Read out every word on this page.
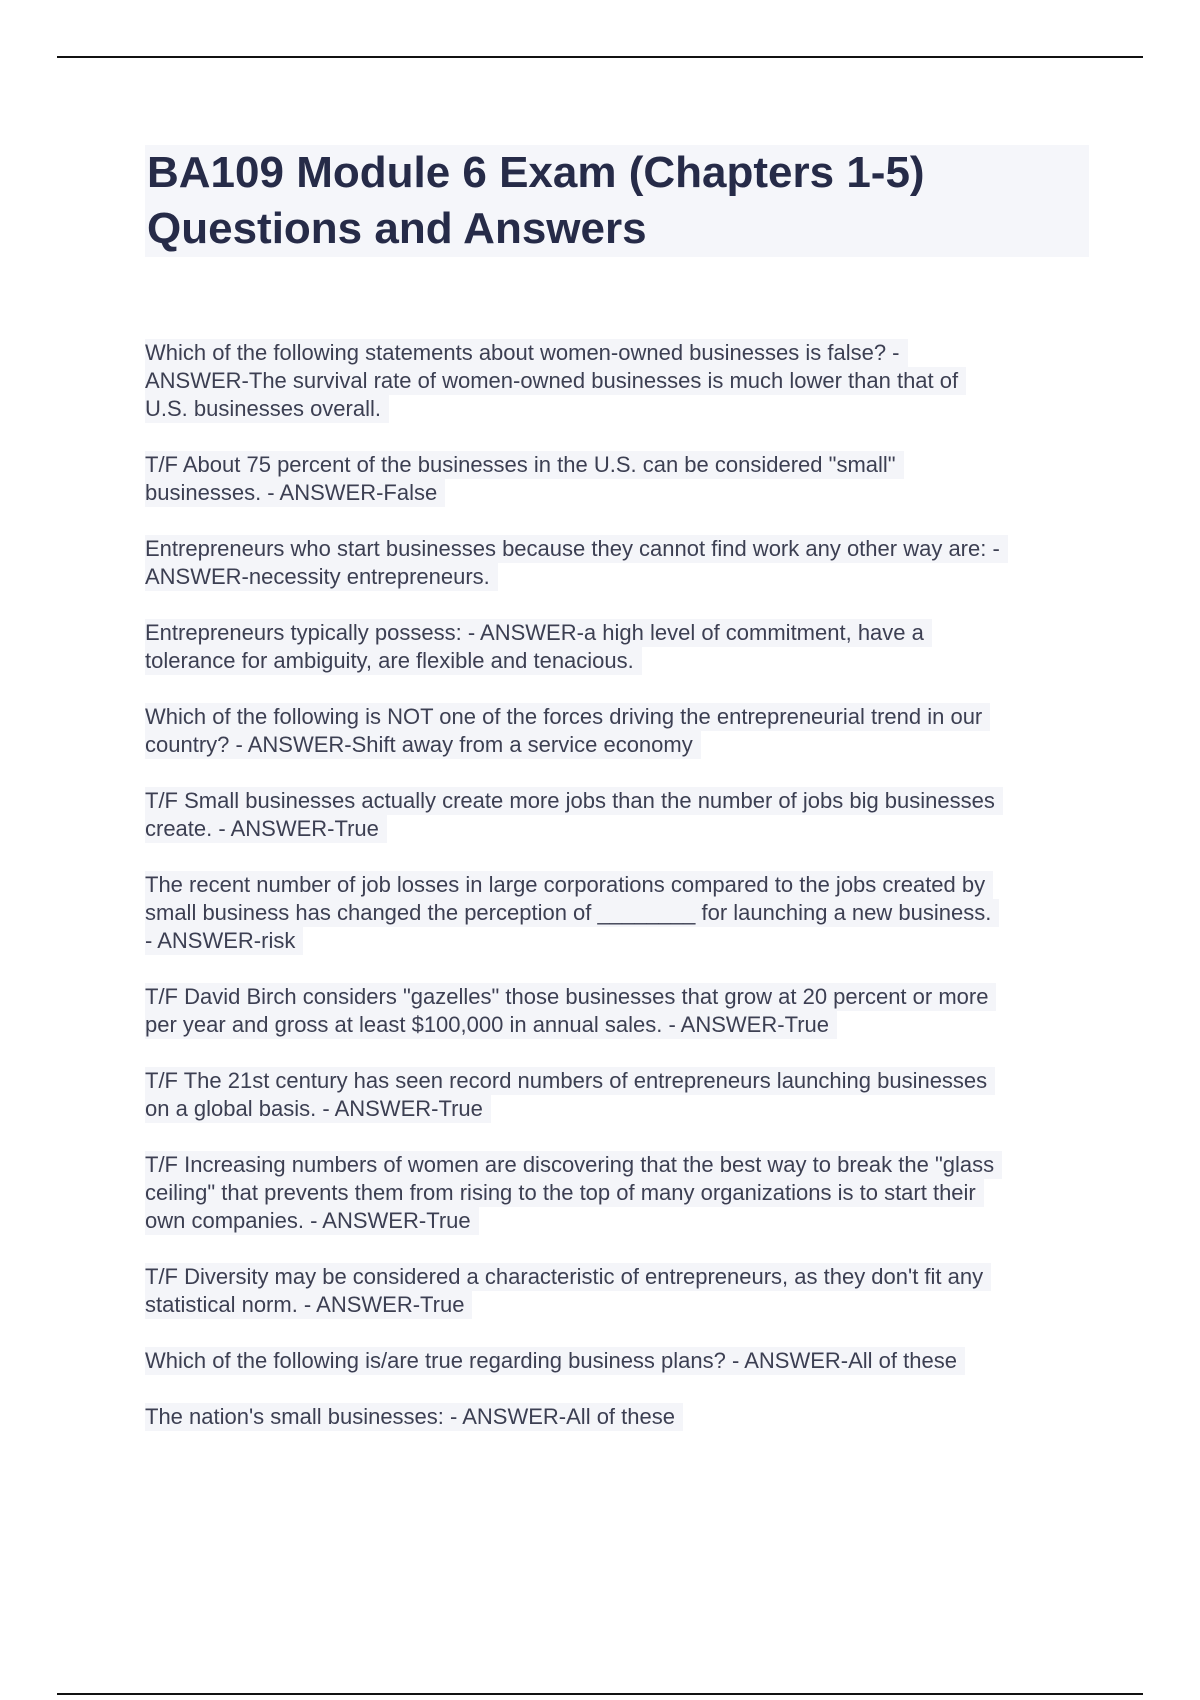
BA109 Module 6 Exam (Chapters 1-5)
Questions and Answers
Which of the following statements about women-owned businesses is false? -
ANSWER-The survival rate of women-owned businesses is much lower than that of
U.S. businesses overall.
T/F About 75 percent of the businesses in the U.S. can be considered "small"
businesses. - ANSWER-False
Entrepreneurs who start businesses because they cannot find work any other way are: -
ANSWER-necessity entrepreneurs.
Entrepreneurs typically possess: - ANSWER-a high level of commitment, have a
tolerance for ambiguity, are flexible and tenacious.
Which of the following is NOT one of the forces driving the entrepreneurial trend in our
country? - ANSWER-Shift away from a service economy
T/F Small businesses actually create more jobs than the number of jobs big businesses
create. - ANSWER-True
The recent number of job losses in large corporations compared to the jobs created by
small business has changed the perception of ________ for launching a new business.
- ANSWER-risk
T/F David Birch considers "gazelles" those businesses that grow at 20 percent or more
per year and gross at least $100,000 in annual sales. - ANSWER-True
T/F The 21st century has seen record numbers of entrepreneurs launching businesses
on a global basis. - ANSWER-True
T/F Increasing numbers of women are discovering that the best way to break the "glass
ceiling" that prevents them from rising to the top of many organizations is to start their
own companies. - ANSWER-True
T/F Diversity may be considered a characteristic of entrepreneurs, as they don't fit any
statistical norm. - ANSWER-True
Which of the following is/are true regarding business plans? - ANSWER-All of these
The nation's small businesses: - ANSWER-All of these
